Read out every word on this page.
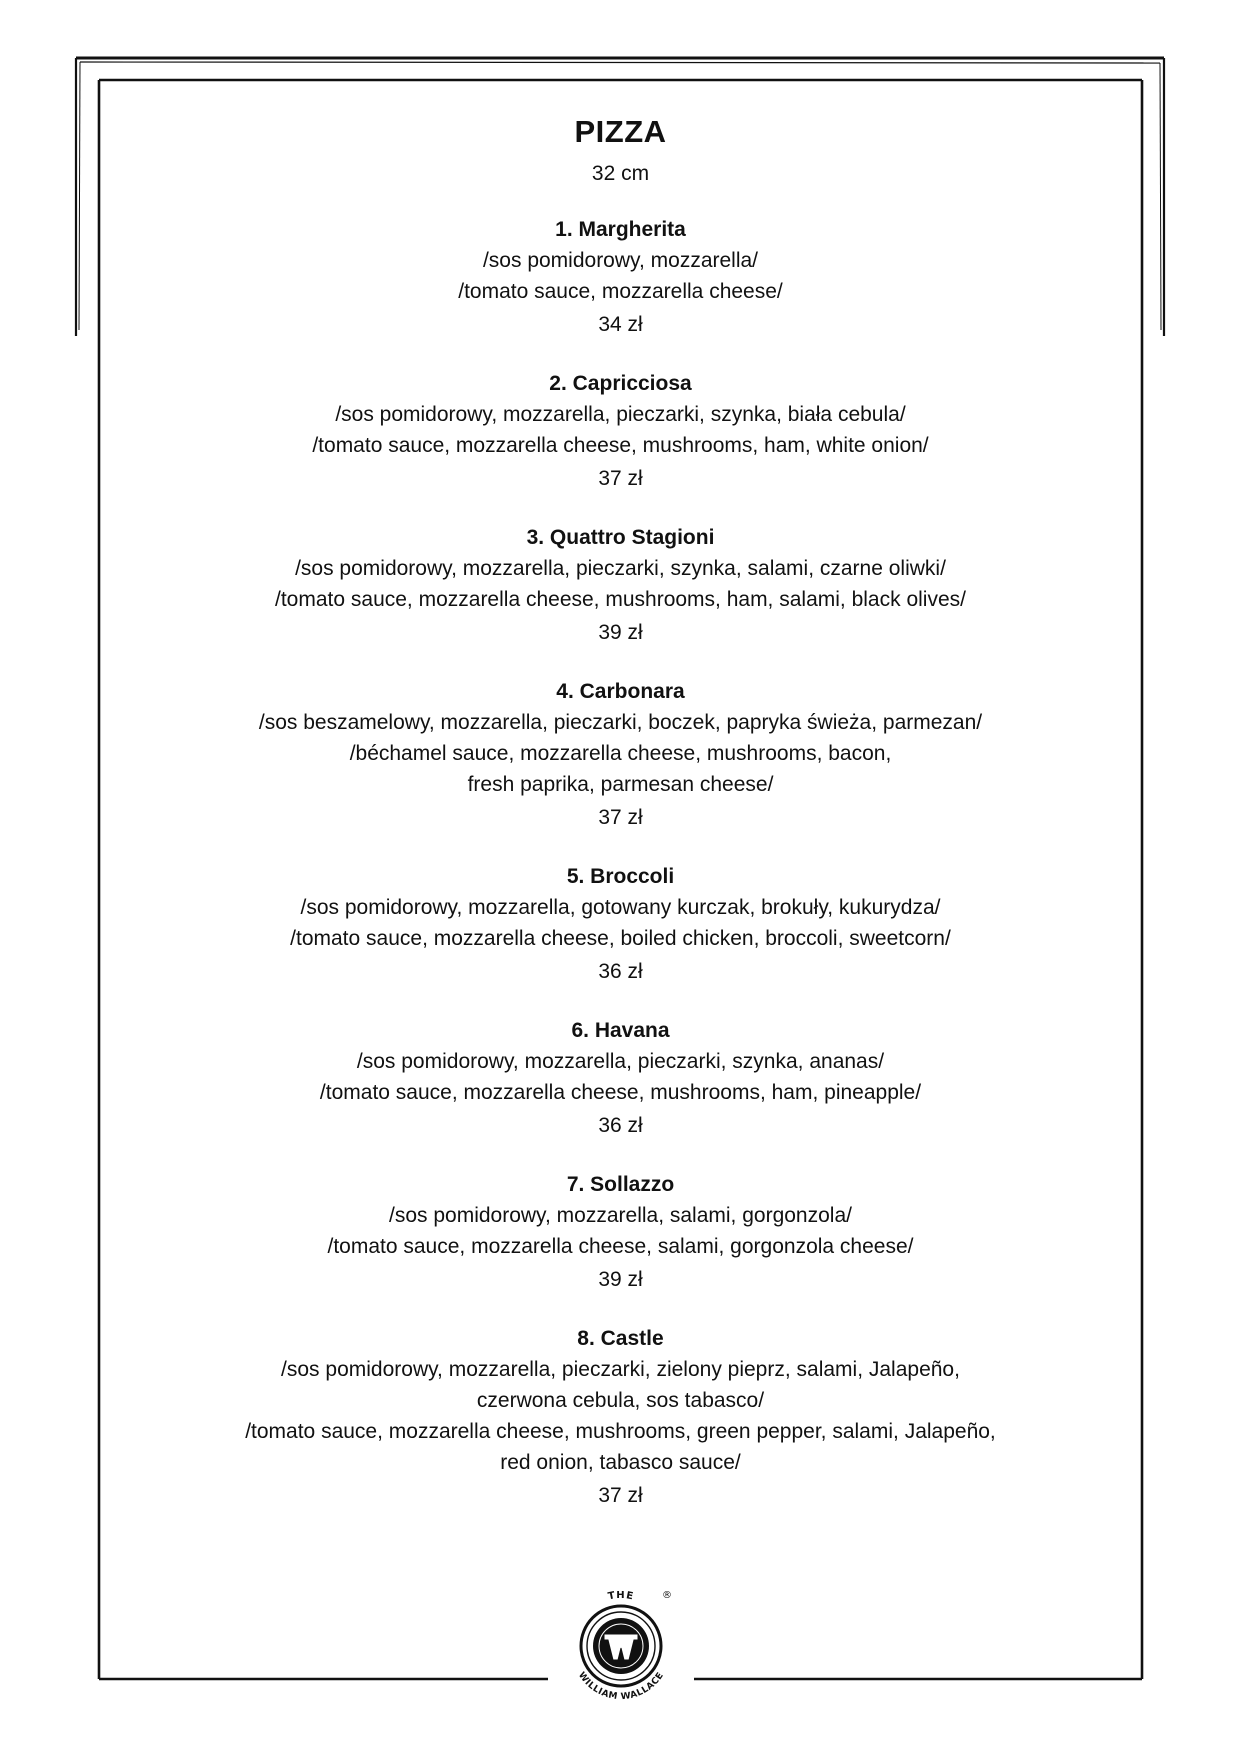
PIZZA
32 cm
1. Margherita
/sos pomidorowy, mozzarella/
/tomato sauce, mozzarella cheese/
34 zł
2. Capricciosa
/sos pomidorowy, mozzarella, pieczarki, szynka, biała cebula/
/tomato sauce, mozzarella cheese, mushrooms, ham, white onion/
37 zł
3. Quattro Stagioni
/sos pomidorowy, mozzarella, pieczarki, szynka, salami, czarne oliwki/
/tomato sauce, mozzarella cheese, mushrooms, ham, salami, black olives/
39 zł
4. Carbonara
/sos beszamelowy, mozzarella, pieczarki, boczek, papryka świeża, parmezan/
/béchamel sauce, mozzarella cheese, mushrooms, bacon,
fresh paprika, parmesan cheese/
37 zł
5. Broccoli
/sos pomidorowy, mozzarella, gotowany kurczak, brokuły, kukurydza/
/tomato sauce, mozzarella cheese, boiled chicken, broccoli, sweetcorn/
36 zł
6. Havana
/sos pomidorowy, mozzarella, pieczarki, szynka, ananas/
/tomato sauce, mozzarella cheese, mushrooms, ham, pineapple/
36 zł
7. Sollazzo
/sos pomidorowy, mozzarella, salami, gorgonzola/
/tomato sauce, mozzarella cheese, salami, gorgonzola cheese/
39 zł
8. Castle
/sos pomidorowy, mozzarella, pieczarki, zielony pieprz, salami, Jalapeño,
czerwona cebula, sos tabasco/
/tomato sauce, mozzarella cheese, mushrooms, green pepper, salami, Jalapeño,
red onion, tabasco sauce/
37 zł
THE
WILLIAM WALLACE
®
